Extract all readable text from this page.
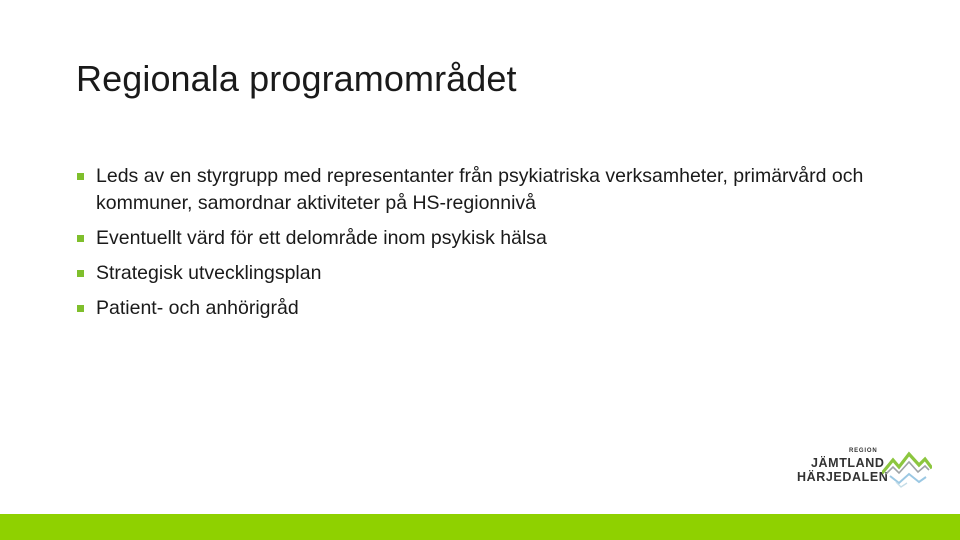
Regionala programområdet
Leds av en styrgrupp med representanter från psykiatriska verksamheter, primärvård och kommuner, samordnar aktiviteter på HS-regionnivå
Eventuellt värd för ett delområde inom psykisk hälsa
Strategisk utvecklingsplan
Patient- och anhörigråd
REGION
JÄMTLAND
HÄRJEDALEN
